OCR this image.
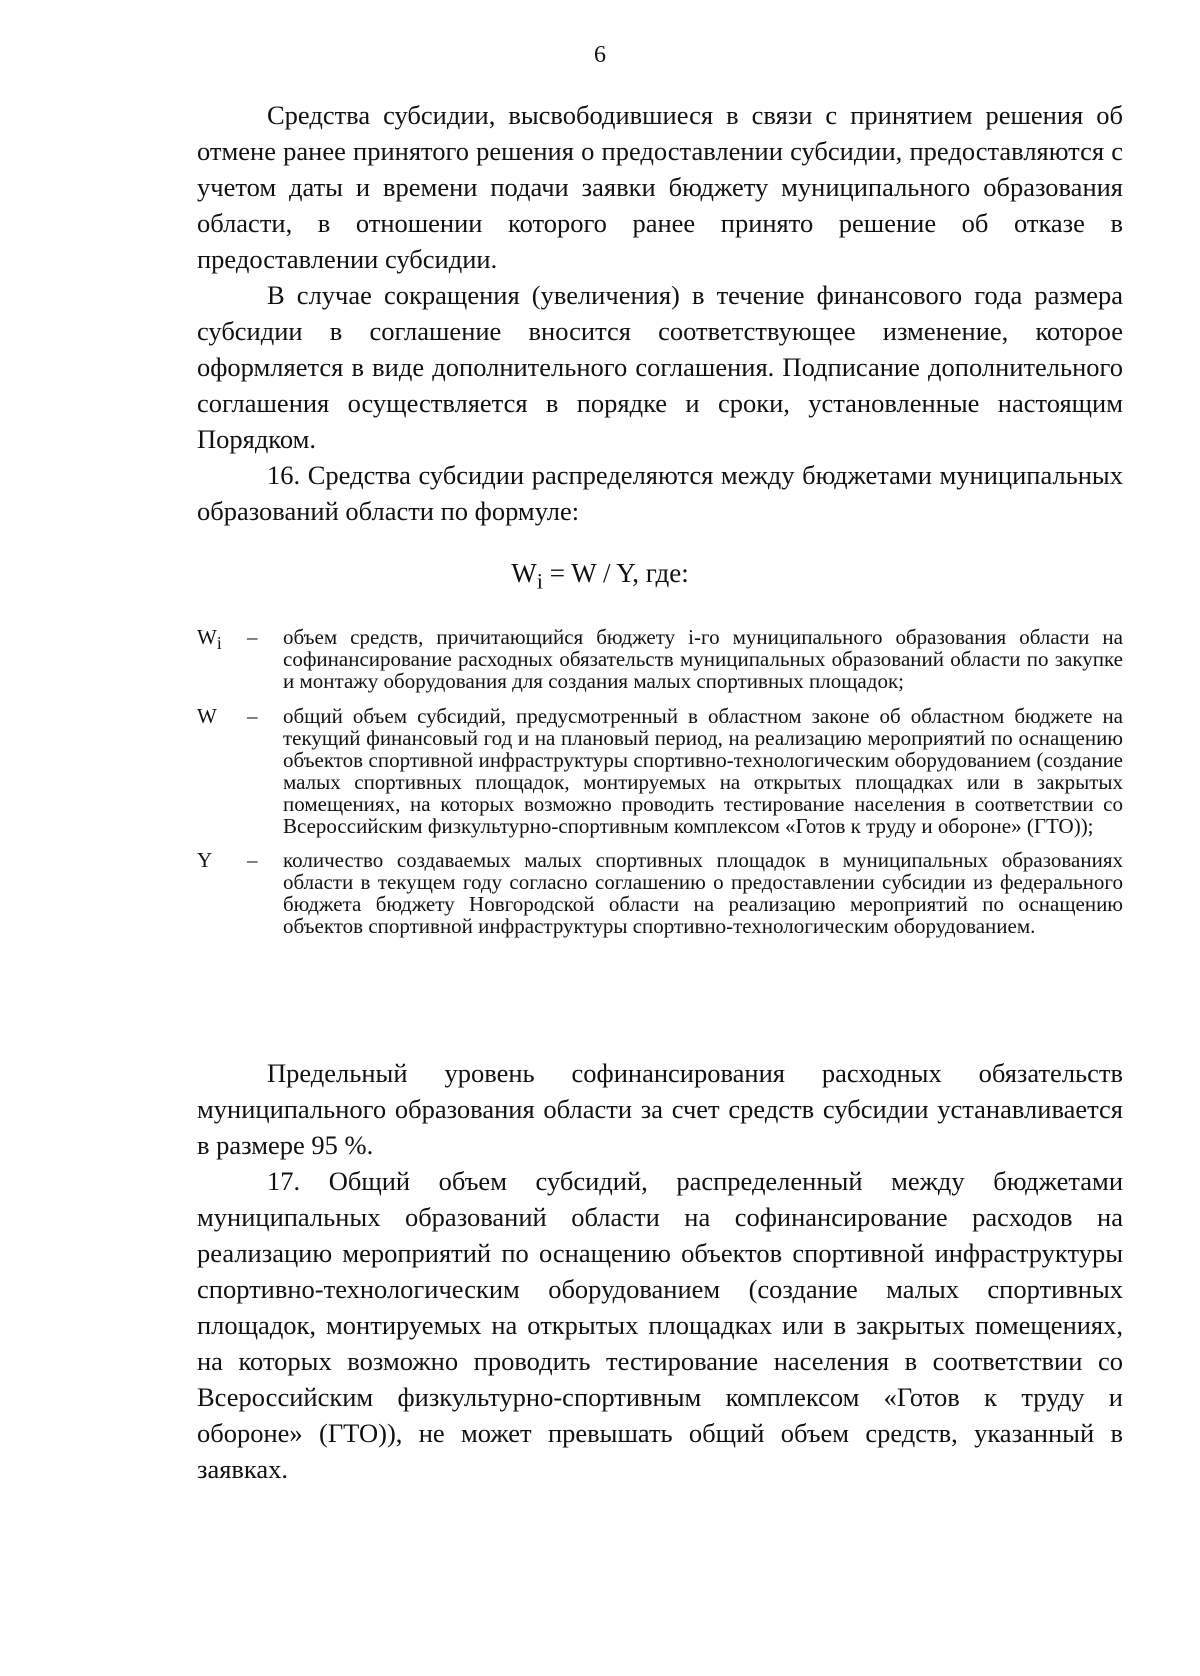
6

Средства субсидии, высвободившиеся в связи с принятием решения об отмене ранее принятого решения о предоставлении субсидии, предоставляются с учетом даты и времени подачи заявки бюджету муниципального образования области, в отношении которого ранее принято решение об отказе в предоставлении субсидии.

В случае сокращения (увеличения) в течение финансового года размера субсидии в соглашение вносится соответствующее изменение, которое оформляется в виде дополнительного соглашения. Подписание дополнительного соглашения осуществляется в порядке и сроки, установленные настоящим Порядком.

16. Средства субсидии распределяются между бюджетами муниципальных образований области по формуле:

$W_i = W / Y$, где:
$W_i$	–	объем средств, причитающийся бюджету i-го муниципального образования области на софинансирование расходных обязательств муниципальных образований области по закупке и монтажу оборудования для создания малых спортивных площадок;
W	–	общий объем субсидий, предусмотренный в областном законе об областном бюджете на текущий финансовый год и на плановый период, на реализацию мероприятий по оснащению объектов спортивной инфраструктуры спортивно-технологическим оборудованием (создание малых спортивных площадок, монтируемых на открытых площадках или в закрытых помещениях, на которых возможно проводить тестирование населения в соответствии со Всероссийским физкультурно-спортивным комплексом «Готов к труду и обороне» (ГТО));
Y	–	количество создаваемых малых спортивных площадок в муниципальных образованиях области в текущем году согласно соглашению о предоставлении субсидии из федерального бюджета бюджету Новгородской области на реализацию мероприятий по оснащению объектов спортивной инфраструктуры спортивно-технологическим оборудованием.

Предельный уровень софинансирования расходных обязательств муниципального образования области за счет средств субсидии устанавливается в размере 95 %.

17. Общий объем субсидий, распределенный между бюджетами муниципальных образований области на софинансирование расходов на реализацию мероприятий по оснащению объектов спортивной инфраструктуры спортивно-технологическим оборудованием (создание малых спортивных площадок, монтируемых на открытых площадках или в закрытых помещениях, на которых возможно проводить тестирование населения в соответствии со Всероссийским физкультурно-спортивным комплексом «Готов к труду и обороне» (ГТО)), не может превышать общий объем средств, указанный в заявках.
